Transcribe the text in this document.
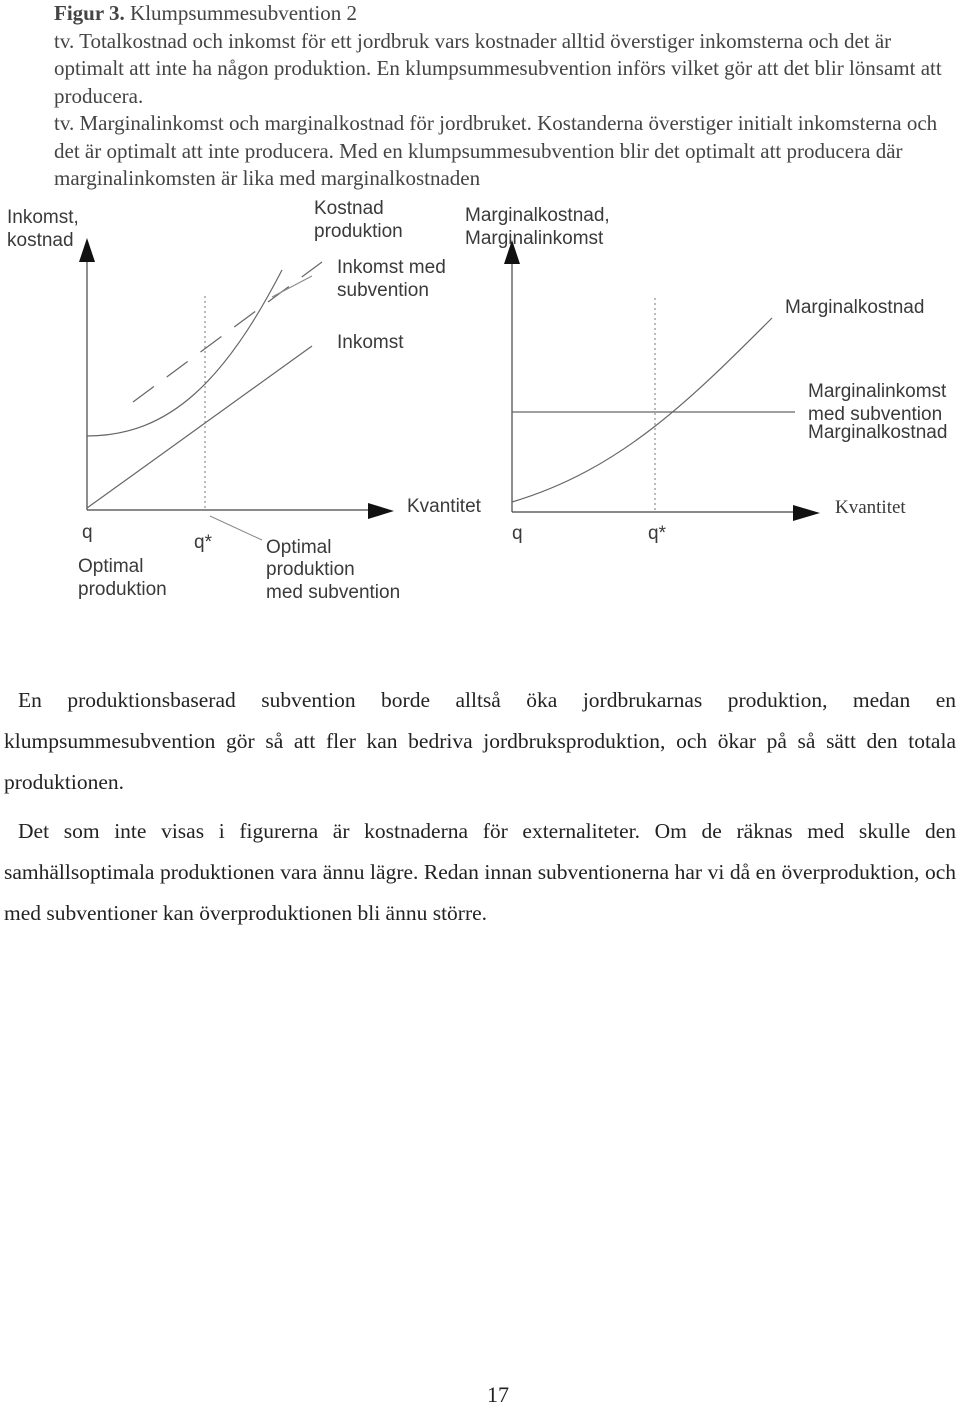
Figur 3. Klumpsummesubvention 2

tv. Totalkostnad och inkomst för ett jordbruk vars kostnader alltid överstiger inkomsterna och det är optimalt att inte ha någon produktion. En klumpsummesubvention införs vilket gör att det blir lönsamt att producera.

tv. Marginalinkomst och marginalkostnad för jordbruket. Kostanderna överstiger initialt inkomsterna och det är optimalt att inte producera. Med en klumpsummesubvention blir det optimalt att producera där marginalinkomsten är lika med marginalkostnaden

Inkomst,
kostnad
Kostnad
produktion
Inkomst med
subvention
Inkomst
Kvantitet
q	q*
Optimal
produktion
Optimal
produktion
med subvention
Marginalkostnad,
Marginalinkomst
Marginalkostnad
Marginalinkomst
med subvention
Marginalkostnad
Kvantitet
q	q*

En produktionsbaserad subvention borde alltså öka jordbrukarnas produktion, medan en klumpsummesubvention gör så att fler kan bedriva jordbruksproduktion, och ökar på så sätt den totala produktionen.

Det som inte visas i figurerna är kostnaderna för externaliteter. Om de räknas med skulle den samhällsoptimala produktionen vara ännu lägre. Redan innan subventionerna har vi då en överproduktion, och med subventioner kan överproduktionen bli ännu större.

17
